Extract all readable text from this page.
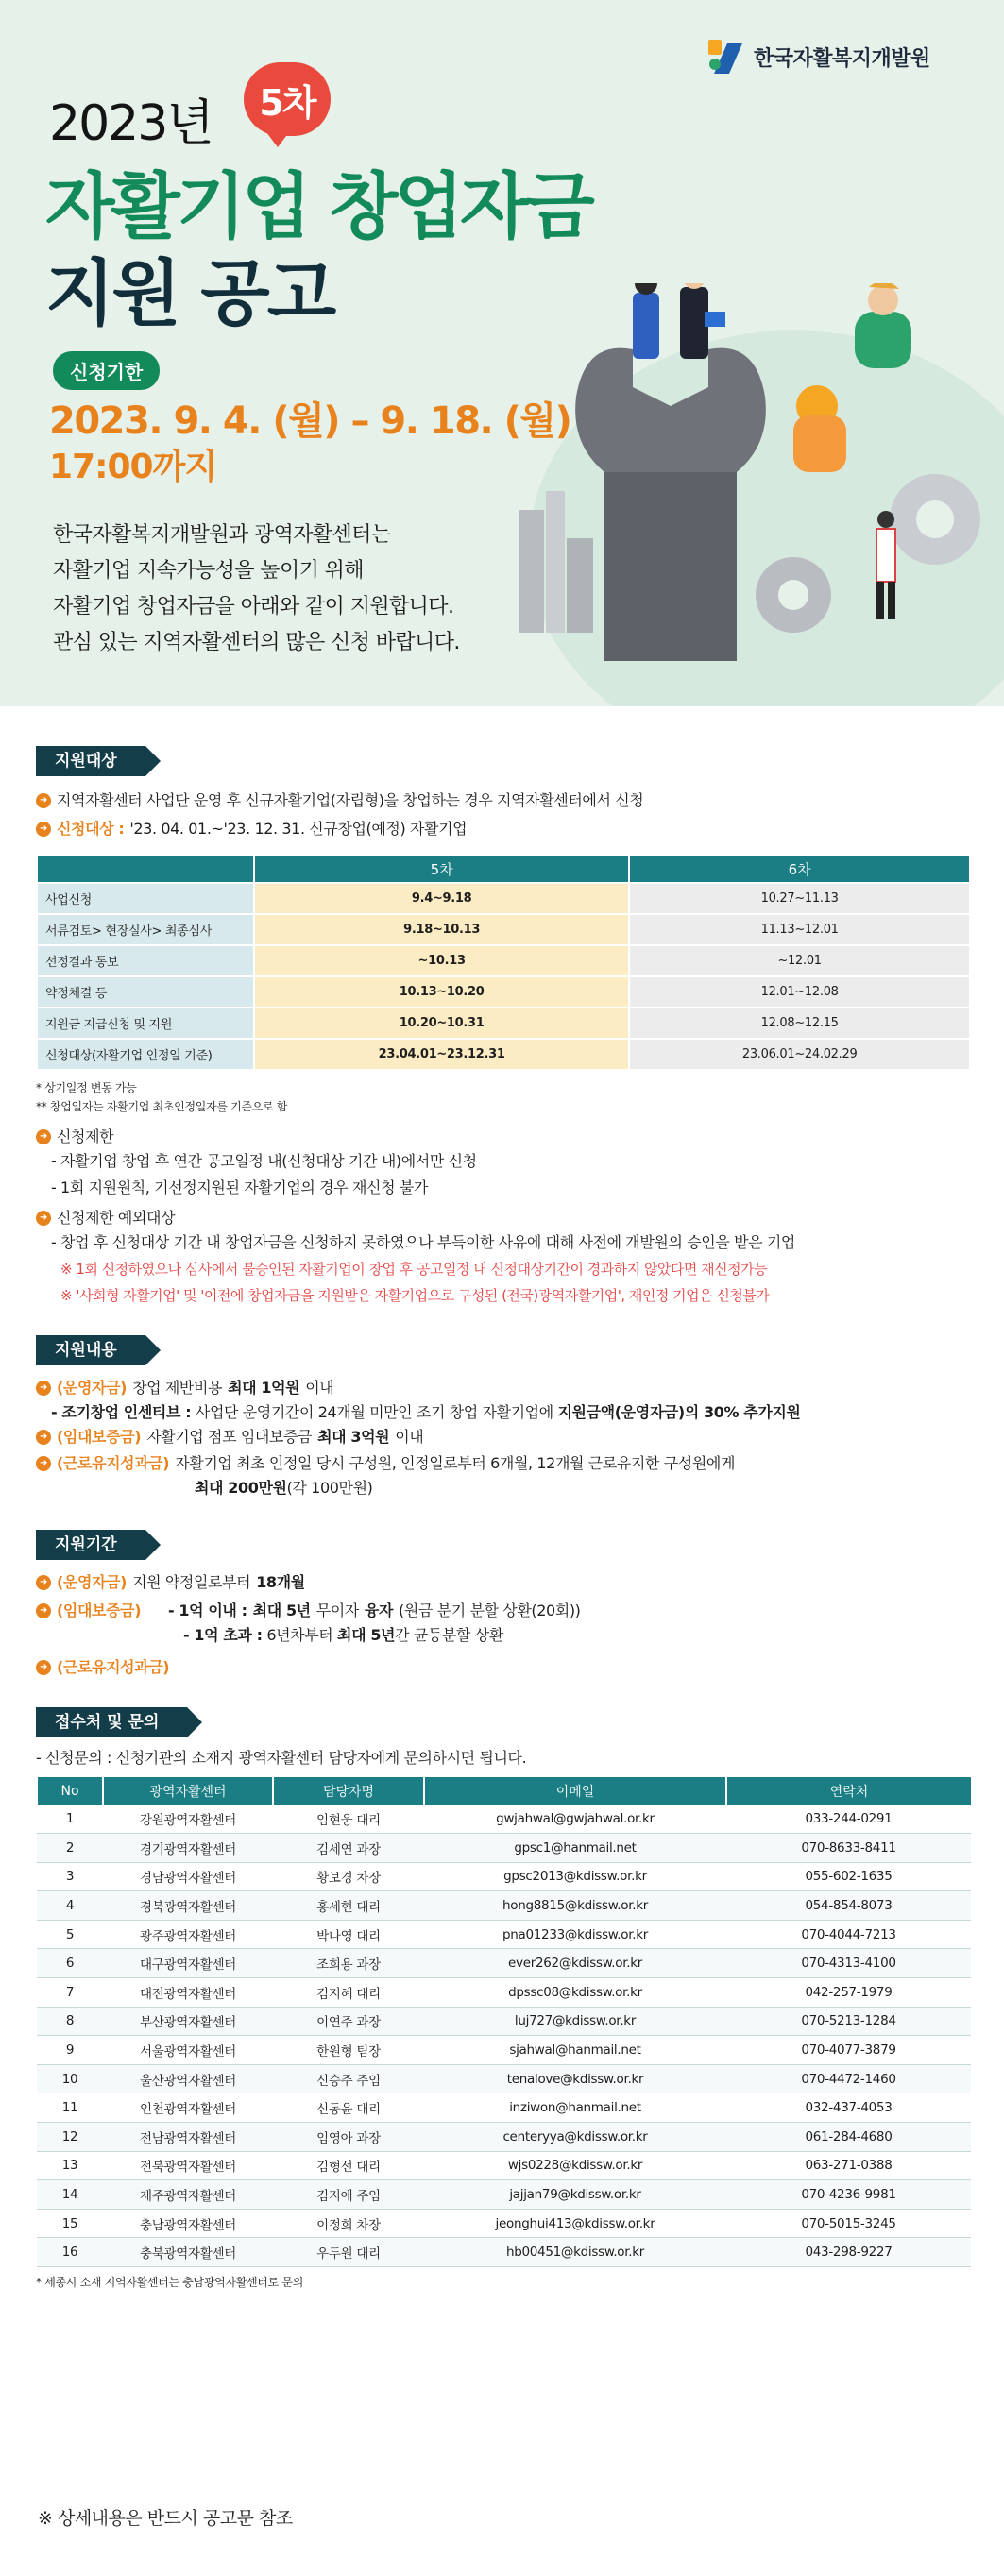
한국자활복지개발원
2023년	5차
자활기업 창업자금
지원 공고
신청기한
2023. 9. 4. (월) – 9. 18. (월)
17:00까지
한국자활복지개발원과 광역자활센터는
자활기업 지속가능성을 높이기 위해
자활기업 창업자금을 아래와 같이 지원합니다.
관심 있는 지역자활센터의 많은 신청 바랍니다.
지원대상
➜ 지역자활센터 사업단 운영 후 신규자활기업(자립형)을 창업하는 경우 지역자활센터에서 신청
➜ 신청대상 : '23. 04. 01.~'23. 12. 31. 신규창업(예정) 자활기업
	5차	6차
사업신청	9.4~9.18	10.27~11.13
서류검토> 현장실사> 최종심사	9.18~10.13	11.13~12.01
선정결과 통보	~10.13	~12.01
약정체결 등	10.13~10.20	12.01~12.08
지원금 지급신청 및 지원	10.20~10.31	12.08~12.15
신청대상(자활기업 인정일 기준)	23.04.01~23.12.31	23.06.01~24.02.29
* 상기일정 변동 가능
** 창업일자는 자활기업 최초인정일자를 기준으로 함
➜ 신청제한
- 자활기업 창업 후 연간 공고일정 내(신청대상 기간 내)에서만 신청
- 1회 지원원칙, 기선정지원된 자활기업의 경우 재신청 불가
➜ 신청제한 예외대상
- 창업 후 신청대상 기간 내 창업자금을 신청하지 못하였으나 부득이한 사유에 대해 사전에 개발원의 승인을 받은 기업
※ 1회 신청하였으나 심사에서 불승인된 자활기업이 창업 후 공고일정 내 신청대상기간이 경과하지 않았다면 재신청가능
※ '사회형 자활기업' 및 '이전에 창업자금을 지원받은 자활기업으로 구성된 (전국)광역자활기업', 재인정 기업은 신청불가
지원내용
➜ (운영자금) 창업 제반비용 최대 1억원 이내
- 조기창업 인센티브 : 사업단 운영기간이 24개월 미만인 조기 창업 자활기업에 지원금액(운영자금)의 30% 추가지원
➜ (임대보증금) 자활기업 점포 임대보증금 최대 3억원 이내
➜ (근로유지성과금) 자활기업 최초 인정일 당시 구성원, 인정일로부터 6개월, 12개월 근로유지한 구성원에게
최대 200만원(각 100만원)
지원기간
➜ (운영자금) 지원 약정일로부터 18개월
➜ (임대보증금)	- 1억 이내 : 최대 5년 무이자 융자 (원금 분기 분할 상환(20회))
- 1억 초과 : 6년차부터 최대 5년간 균등분할 상환
➜ (근로유지성과금)
접수처 및 문의
- 신청문의 : 신청기관의 소재지 광역자활센터 담당자에게 문의하시면 됩니다.
No	광역자활센터	담당자명	이메일	연락처
1	강원광역자활센터	임현웅 대리	gwjahwal@gwjahwal.or.kr	033-244-0291
2	경기광역자활센터	김세연 과장	gpsc1@hanmail.net	070-8633-8411
3	경남광역자활센터	황보경 차장	gpsc2013@kdissw.or.kr	055-602-1635
4	경북광역자활센터	홍세현 대리	hong8815@kdissw.or.kr	054-854-8073
5	광주광역자활센터	박나영 대리	pna01233@kdissw.or.kr	070-4044-7213
6	대구광역자활센터	조희용 과장	ever262@kdissw.or.kr	070-4313-4100
7	대전광역자활센터	김지혜 대리	dpssc08@kdissw.or.kr	042-257-1979
8	부산광역자활센터	이연주 과장	luj727@kdissw.or.kr	070-5213-1284
9	서울광역자활센터	한원형 팀장	sjahwal@hanmail.net	070-4077-3879
10	울산광역자활센터	신승주 주임	tenalove@kdissw.or.kr	070-4472-1460
11	인천광역자활센터	신동윤 대리	inziwon@hanmail.net	032-437-4053
12	전남광역자활센터	임영아 과장	centeryya@kdissw.or.kr	061-284-4680
13	전북광역자활센터	김형선 대리	wjs0228@kdissw.or.kr	063-271-0388
14	제주광역자활센터	김지애 주임	jajjan79@kdissw.or.kr	070-4236-9981
15	충남광역자활센터	이정희 차장	jeonghui413@kdissw.or.kr	070-5015-3245
16	충북광역자활센터	우두원 대리	hb00451@kdissw.or.kr	043-298-9227
* 세종시 소재 지역자활센터는 충남광역자활센터로 문의
※ 상세내용은 반드시 공고문 참조
